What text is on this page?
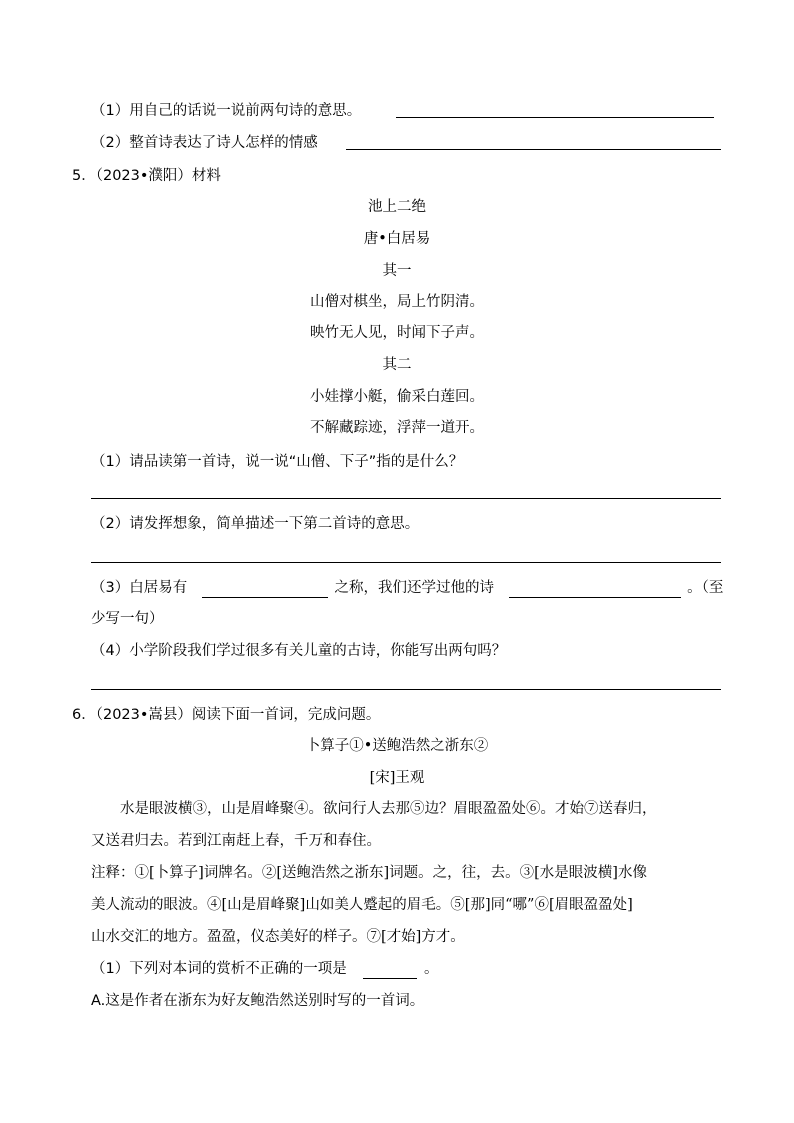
（1）用自己的话说一说前两句诗的意思。
（2）整首诗表达了诗人怎样的情感
5．（2023•濮阳）材料
池上二绝
唐•白居易
其一
山僧对棋坐，局上竹阴清。
映竹无人见，时闻下子声。
其二
小娃撑小艇，偷采白莲回。
不解藏踪迹，浮萍一道开。
（1）请品读第一首诗，说一说“山僧、下子”指的是什么？
（2）请发挥想象，简单描述一下第二首诗的意思。
（3）白居易有	之称，我们还学过他的诗	。（至
少写一句）
（4）小学阶段我们学过很多有关儿童的古诗，你能写出两句吗？
6．（2023•嵩县）阅读下面一首词，完成问题。
卜算子①•送鲍浩然之浙东②
[宋]王观
水是眼波横③，山是眉峰聚④。欲问行人去那⑤边？眉眼盈盈处⑥。才始⑦送春归，
又送君归去。若到江南赶上春，千万和春住。
注释：①[卜算子]词牌名。②[送鲍浩然之浙东]词题。之，往，去。③[水是眼波横]水像
美人流动的眼波。④[山是眉峰聚]山如美人蹙起的眉毛。⑤[那]同“哪”⑥[眉眼盈盈处]
山水交汇的地方。盈盈，仪态美好的样子。⑦[才始]方才。
（1）下列对本词的赏析不正确的一项是	。
A.这是作者在浙东为好友鲍浩然送别时写的一首词。
